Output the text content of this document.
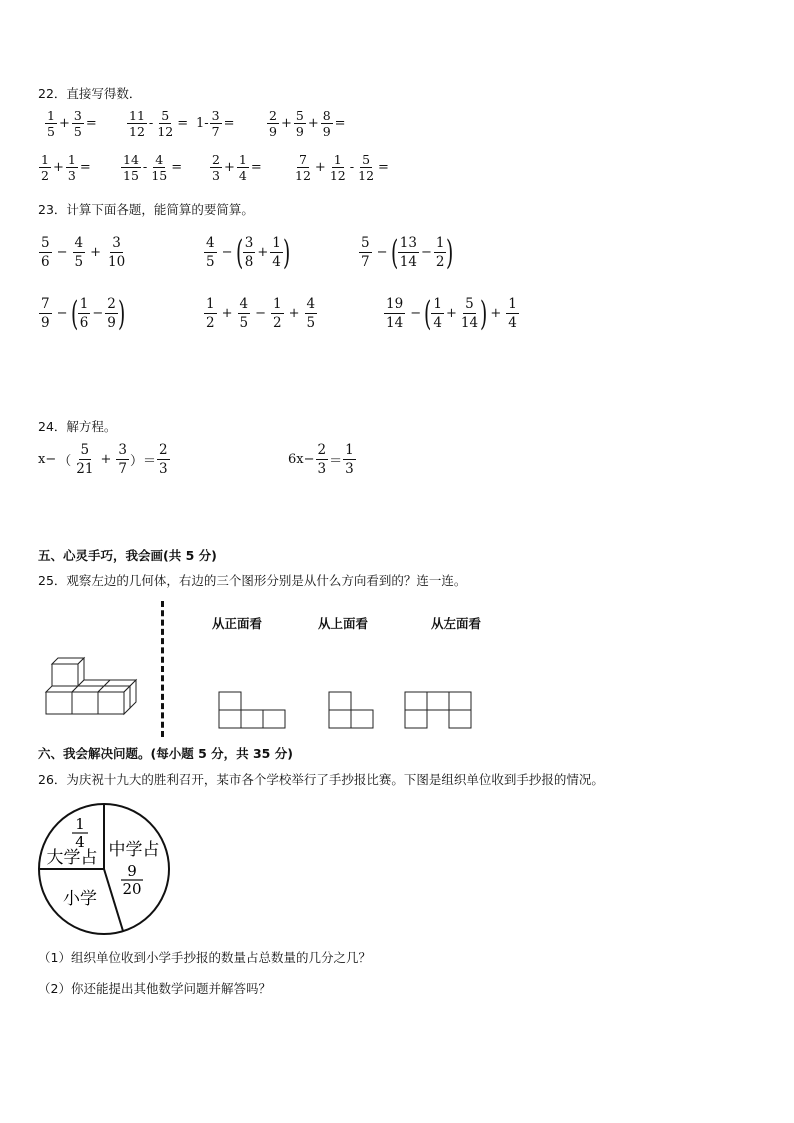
22．直接写得数．
1
5
+ $\frac{3}{5}$ =
11
12
- $\frac{5}{12} = 1- \frac{3}{7}$ =
2
9
+ $\frac{5}{9} + \frac{8}{9}$ =
1
2
+ $\frac{1}{3}$ =
14
15
- $\frac{4}{15}$ =
2
3
+ $\frac{1}{4}$ =
7
12
+ $\frac{1}{12} - \frac{5}{12}$ =
23．计算下面各题，能简算的要简算。
5
6
− $\frac{4}{5} + \frac{3}{10}$	4
5
− ( 3
8
+ $\frac{1}{4}$ )	5
7
− ( 13
14
− $\frac{1}{2}$ )
7
9
− ( 1
6
− $\frac{2}{9}$ )	1
2
+ $\frac{4}{5} - \frac{1}{2} + \frac{4}{5}$	19
14
− ( 1
4
+ $\frac{5}{14}$ ) + $\frac{1}{4}$
24．解方程。
x− （
5
21
+ $\frac{3}{7}$ ） ＝
2
3
$6x- \frac{2}{3}$ ＝
1
3
五、心灵手巧，我会画(共 5 分)
25．观察左边的几何体，右边的三个图形分别是从什么方向看到的？连一连。
从正面看	从上面看	从左面看
六、我会解决问题。(每小题 5 分，共 35 分)
26．为庆祝十九大的胜利召开，某市各个学校举行了手抄报比赛。下图是组织单位收到手抄报的情况。
1
4
大学占 中学占
9
20
小学
（1）组织单位收到小学手抄报的数量占总数量的几分之几？
（2）你还能提出其他数学问题并解答吗？
